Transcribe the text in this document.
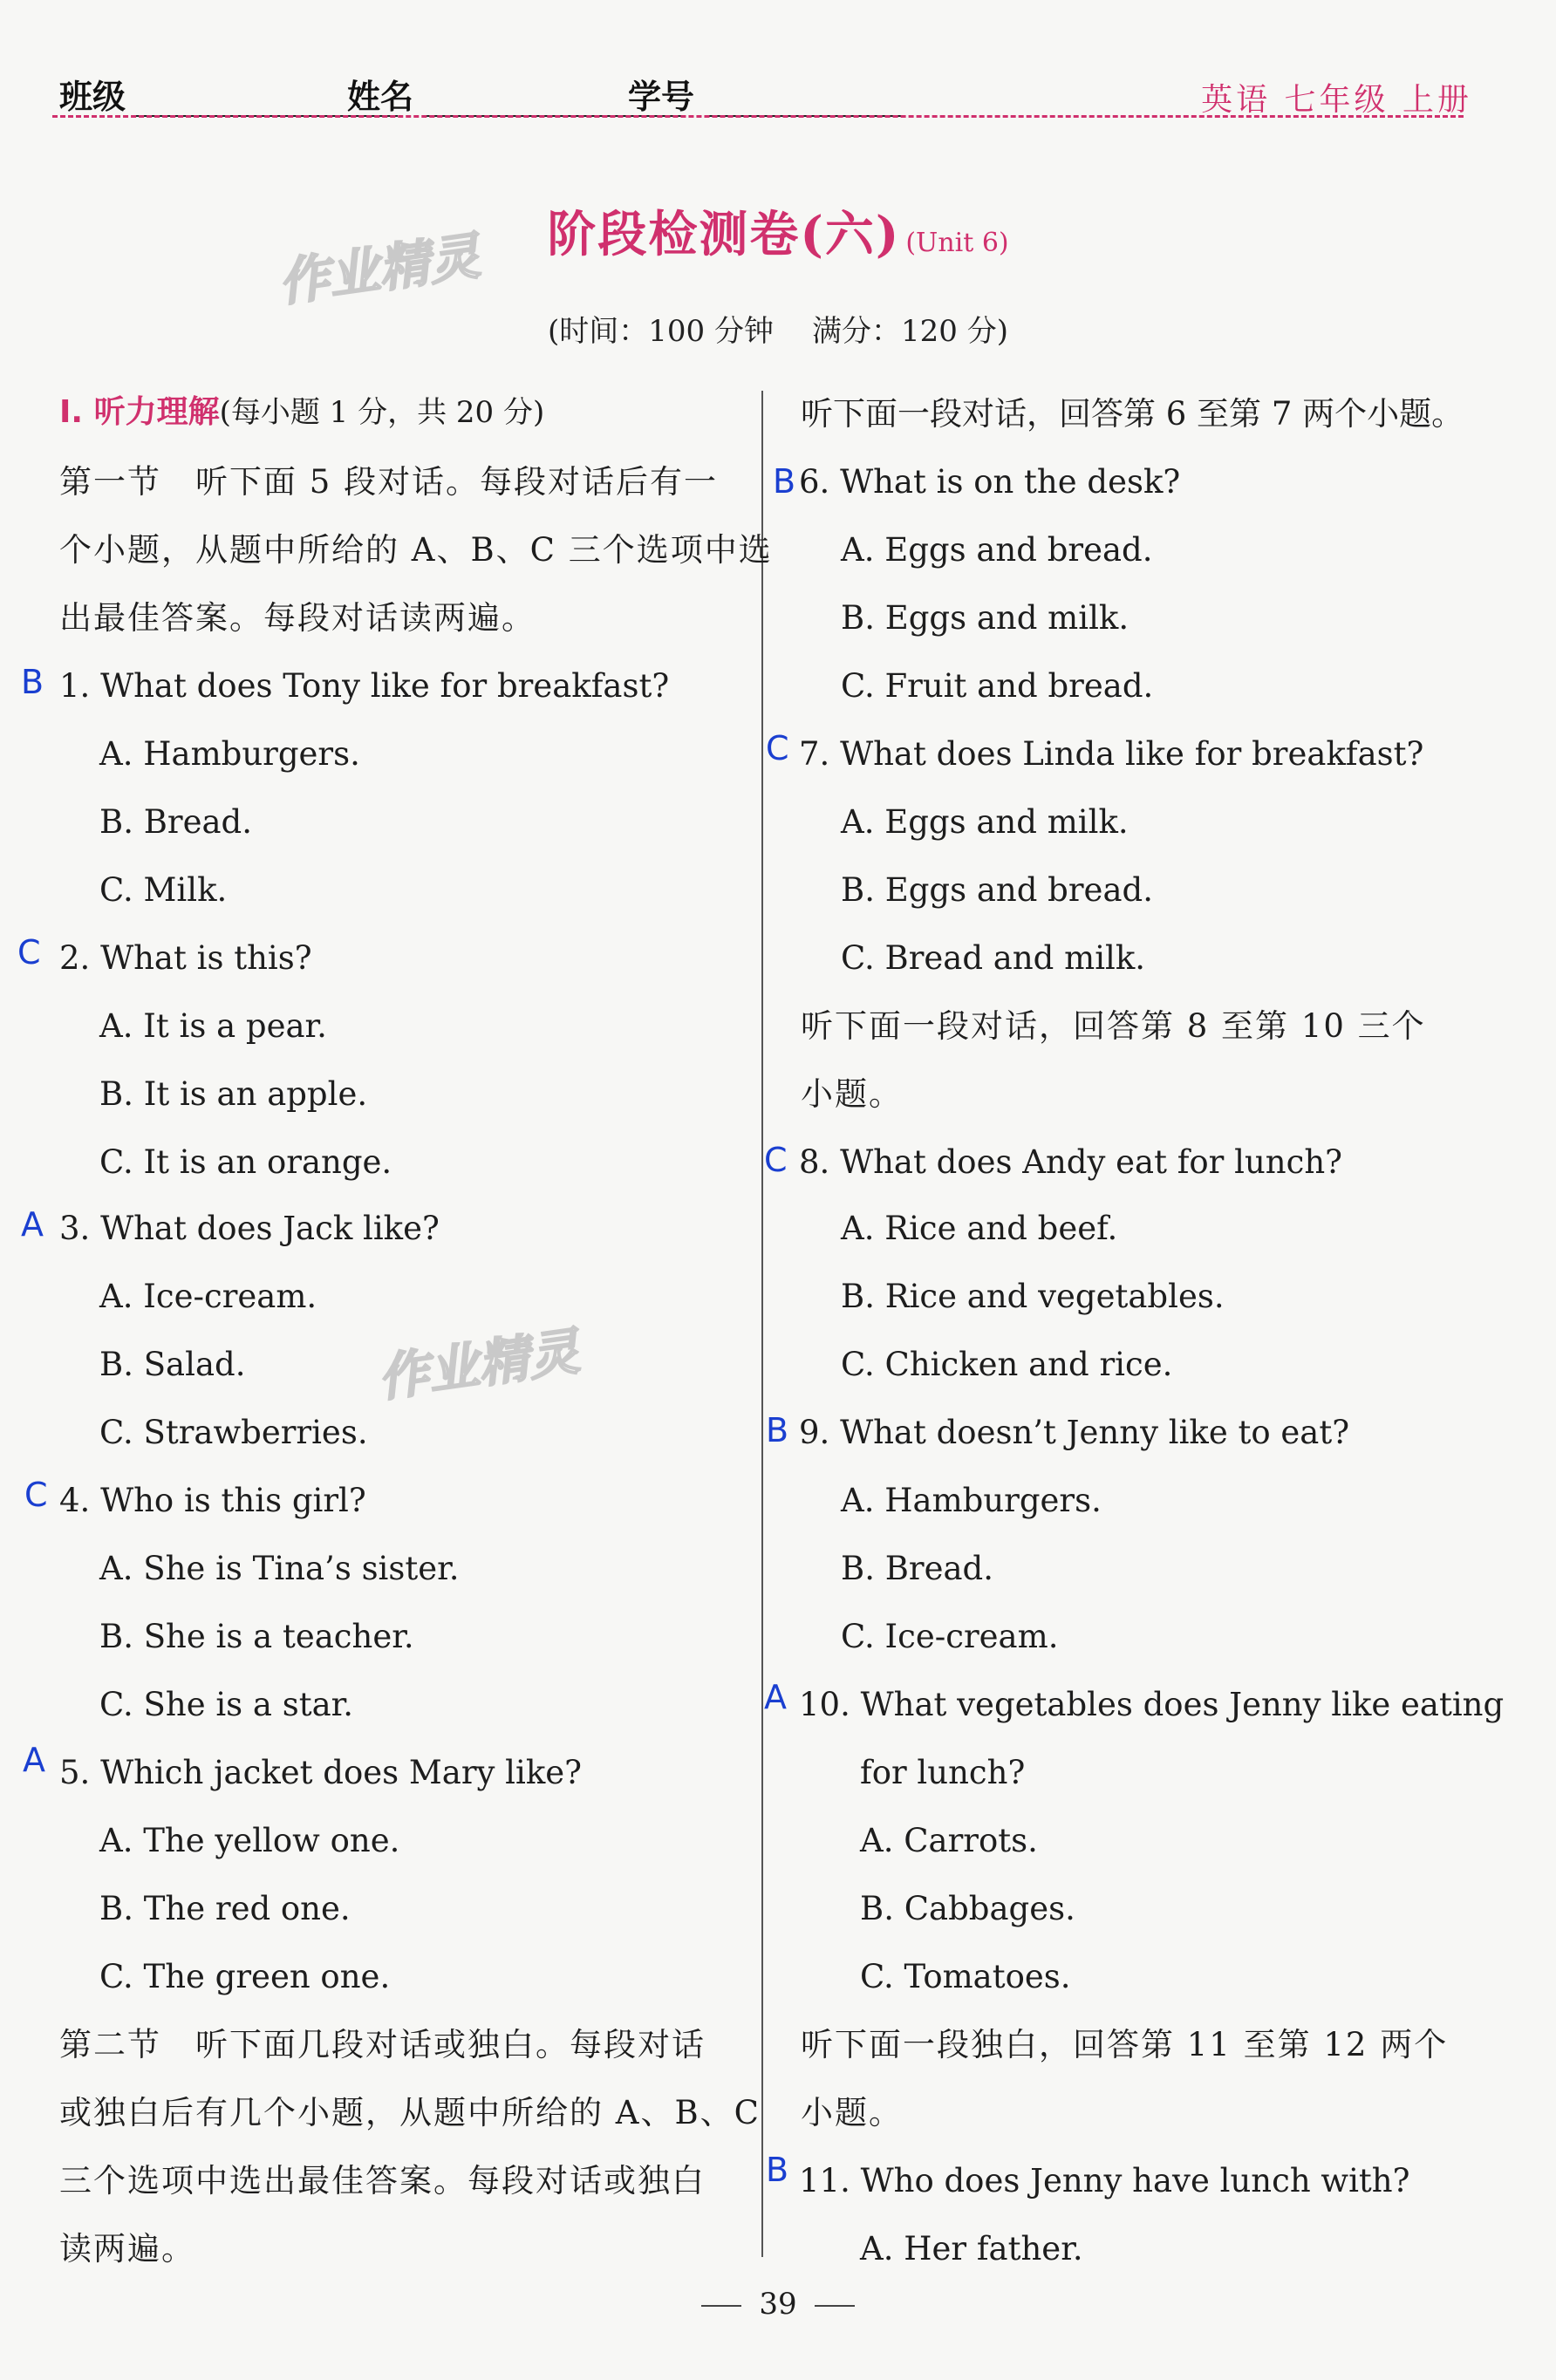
班级	姓名	学号	英语 七年级 上册
阶段检测卷(六) (Unit 6)
(时间：100 分钟 满分：120 分)
作业精灵
作业精灵
Ⅰ. 听力理解(每小题 1 分，共 20 分)
第一节　听下面 5 段对话。每段对话后有一
个小题，从题中所给的 A、B、C 三个选项中选
出最佳答案。每段对话读两遍。
B 1. What does Tony like for breakfast?
A. Hamburgers.
B. Bread.
C. Milk.
C 2. What is this?
A. It is a pear.
B. It is an apple.
C. It is an orange.
A 3. What does Jack like?
A. Ice-cream.
B. Salad.
C. Strawberries.
C 4. Who is this girl?
A. She is Tina’s sister.
B. She is a teacher.
C. She is a star.
A 5. Which jacket does Mary like?
A. The yellow one.
B. The red one.
C. The green one.
第二节　听下面几段对话或独白。每段对话
或独白后有几个小题，从题中所给的 A、B、C
三个选项中选出最佳答案。每段对话或独白
读两遍。
听下面一段对话，回答第 6 至第 7 两个小题。
B 6. What is on the desk?
A. Eggs and bread.
B. Eggs and milk.
C. Fruit and bread.
C 7. What does Linda like for breakfast?
A. Eggs and milk.
B. Eggs and bread.
C. Bread and milk.
听下面一段对话，回答第 8 至第 10 三个
小题。
C 8. What does Andy eat for lunch?
A. Rice and beef.
B. Rice and vegetables.
C. Chicken and rice.
B 9. What doesn’t Jenny like to eat?
A. Hamburgers.
B. Bread.
C. Ice-cream.
A 10. What vegetables does Jenny like eating
for lunch?
A. Carrots.
B. Cabbages.
C. Tomatoes.
听下面一段独白，回答第 11 至第 12 两个
小题。
B 11. Who does Jenny have lunch with?
A. Her father.
39
